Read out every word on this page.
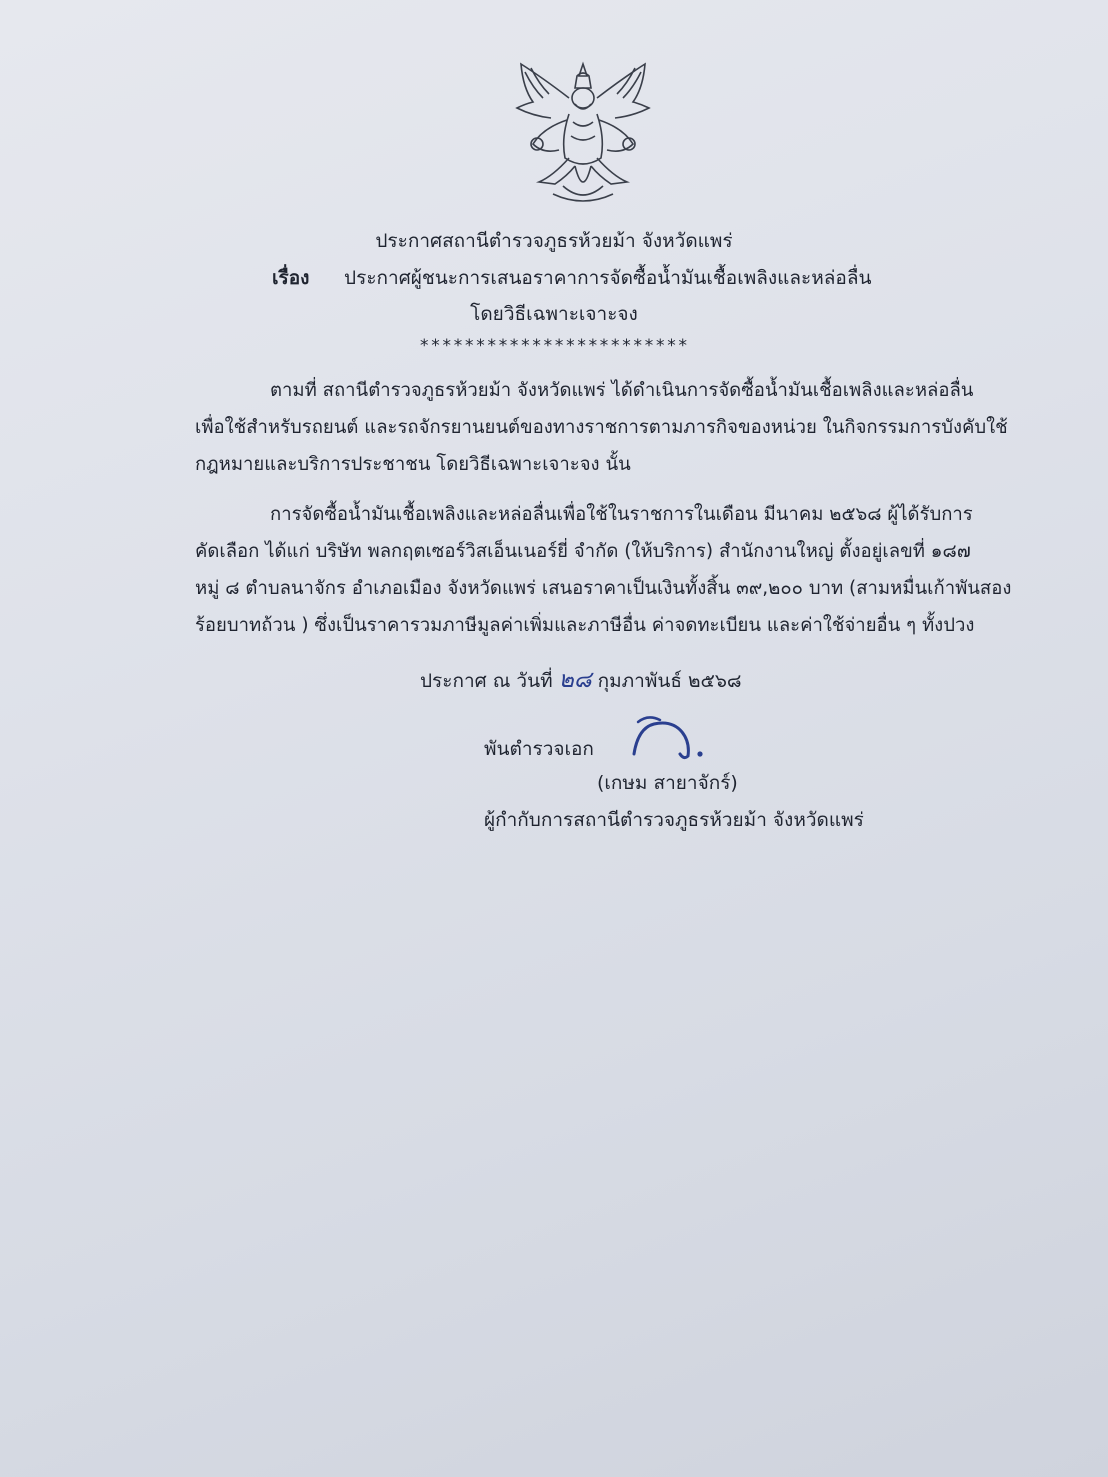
ประกาศสถานีตำรวจภูธรห้วยม้า จังหวัดแพร่
เรื่อง ประกาศผู้ชนะการเสนอราคาการจัดซื้อน้ำมันเชื้อเพลิงและหล่อลื่น
โดยวิธีเฉพาะเจาะจง
************************
ตามที่ สถานีตำรวจภูธรห้วยม้า จังหวัดแพร่ ได้ดำเนินการจัดซื้อน้ำมันเชื้อเพลิงและหล่อลื่น
เพื่อใช้สำหรับรถยนต์ และรถจักรยานยนต์ของทางราชการตามภารกิจของหน่วย ในกิจกรรมการบังคับใช้
กฎหมายและบริการประชาชน โดยวิธีเฉพาะเจาะจง นั้น
การจัดซื้อน้ำมันเชื้อเพลิงและหล่อลื่นเพื่อใช้ในราชการในเดือน มีนาคม ๒๕๖๘ ผู้ได้รับการ
คัดเลือก ได้แก่ บริษัท พลกฤตเซอร์วิสเอ็นเนอร์ยี่ จำกัด (ให้บริการ) สำนักงานใหญ่ ตั้งอยู่เลขที่ ๑๘๗
หมู่ ๘ ตำบลนาจักร อำเภอเมือง จังหวัดแพร่ เสนอราคาเป็นเงินทั้งสิ้น ๓๙,๒๐๐ บาท (สามหมื่นเก้าพันสอง
ร้อยบาทถ้วน ) ซึ่งเป็นราคารวมภาษีมูลค่าเพิ่มและภาษีอื่น ค่าจดทะเบียน และค่าใช้จ่ายอื่น ๆ ทั้งปวง
ประกาศ ณ วันที่ ๒๘ กุมภาพันธ์ ๒๕๖๘
พันตำรวจเอก
(เกษม สายาจักร์)
ผู้กำกับการสถานีตำรวจภูธรห้วยม้า จังหวัดแพร่
